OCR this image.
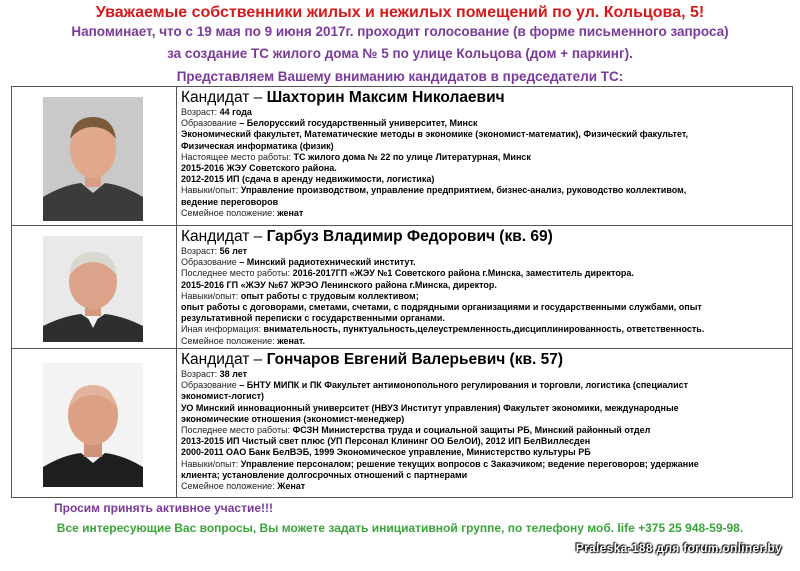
Уважаемые собственники жилых и нежилых помещений по ул. Кольцова, 5!
Напоминает, что с 19 мая по 9 июня 2017г. проходит голосование (в форме письменного запроса)
за создание ТС жилого дома № 5 по улице Кольцова (дом + паркинг).
Представляем Вашему вниманию кандидатов в председатели ТС:
Кандидат – Шахторин Максим Николаевич
Возраст: 44 года
Образование – Белорусский государственный университет, Минск
Экономический факультет, Математические методы в экономике (экономист-математик), Физический факультет,
Физическая информатика (физик)
Настоящее место работы: ТС жилого дома № 22 по улице Литературная, Минск
2015-2016 ЖЭУ Советского района.
2012-2015 ИП (сдача в аренду недвижимости, логистика)
Навыки/опыт: Управление производством, управление предприятием, бизнес-анализ, руководство коллективом,
ведение переговоров
Семейное положение: женат
Кандидат – Гарбуз Владимир Федорович (кв. 69)
Возраст: 56 лет
Образование – Минский радиотехнический институт.
Последнее место работы: 2016-2017ГП «ЖЭУ №1 Советского района г.Минска, заместитель директора.
2015-2016 ГП «ЖЭУ №67 ЖРЭО Ленинского района г.Минска, директор.
Навыки/опыт: опыт работы с трудовым коллективом;
опыт работы с договорами, сметами, счетами, с подрядными организациями и государственными службами, опыт
результативной переписки с государственными органами.
Иная информация: внимательность, пунктуальность,целеустремленность,дисциплинированность, ответственность.
Семейное положение: женат.
Кандидат – Гончаров Евгений Валерьевич (кв. 57)
Возраст: 38 лет
Образование – БНТУ МИПК и ПК Факультет антимонопольного регулирования и торговли, логистика (специалист
экономист-логист)
УО Минский инновационный университет (НВУЗ Институт управления) Факультет экономики, международные
экономические отношения (экономист-менеджер)
Последнее место работы: ФСЗН Министерства труда и социальной защиты РБ, Минский районный отдел
2013-2015 ИП Чистый свет плюс (УП Персонал Клининг ОО БелОИ), 2012 ИП БелВиллесден
2000-2011 ОАО Банк БелВЭБ, 1999 Экономическое управление, Министерство культуры РБ
Навыки/опыт: Управление персоналом; решение текущих вопросов с Заказчиком; ведение переговоров; удержание
клиента; установление долгосрочных отношений с партнерами
Семейное положение: Женат
Просим принять активное участие!!!
Все интересующие Вас вопросы, Вы можете задать инициативной группе, по телефону моб. life +375 25 948-59-98.
Praleska-188 для forum.onliner.by
